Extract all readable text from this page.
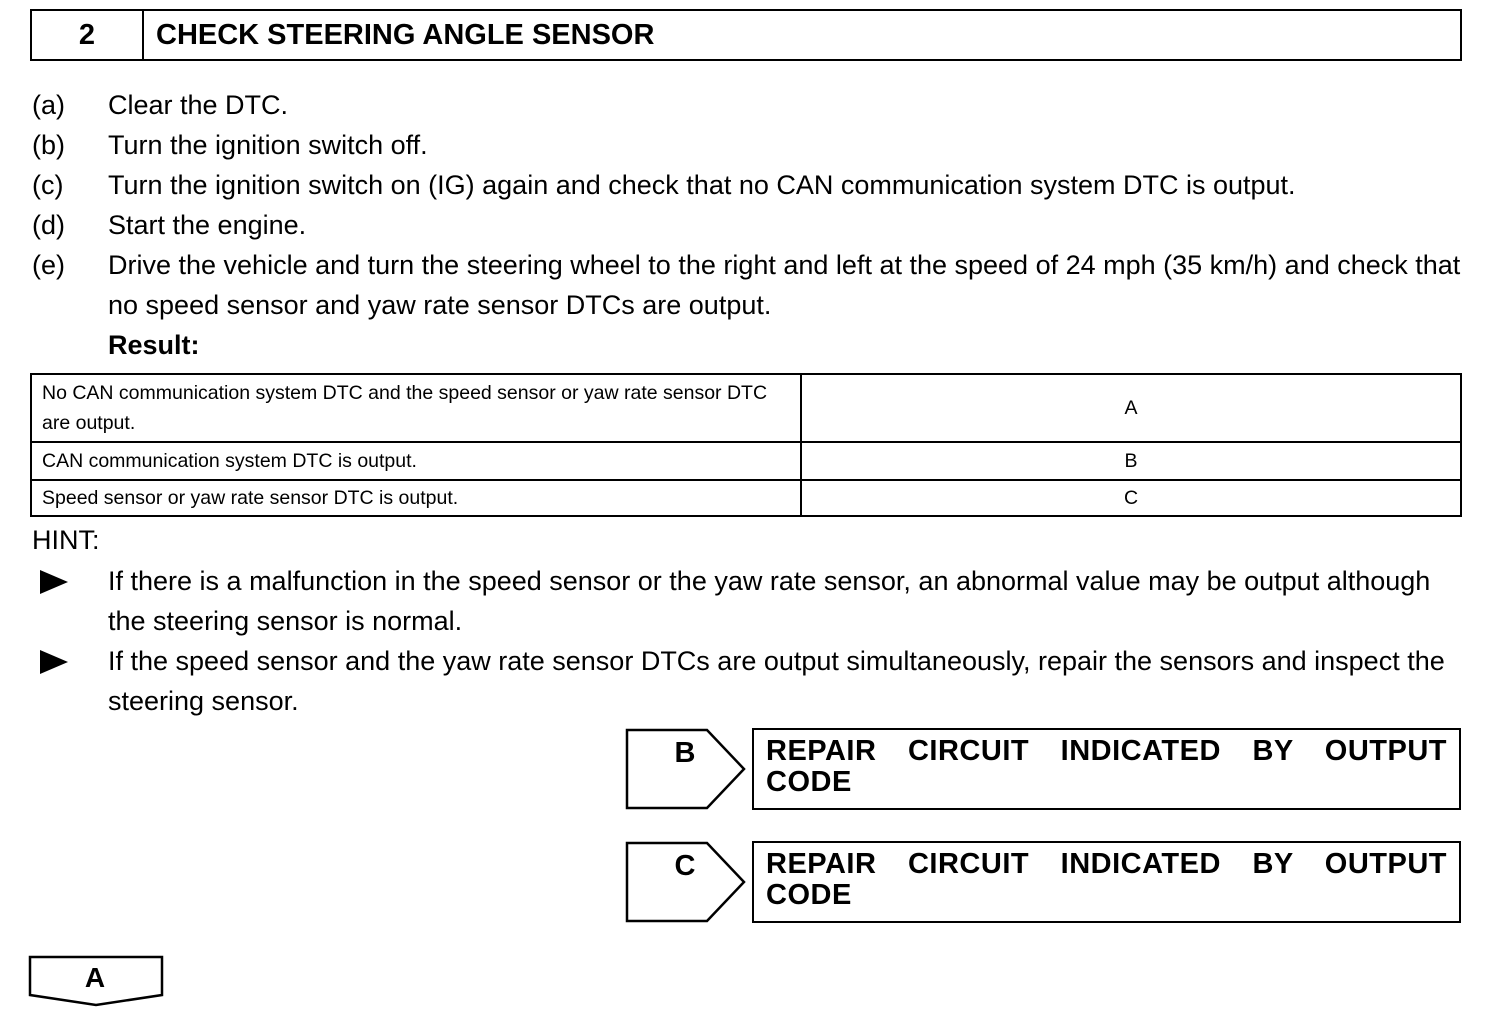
2	CHECK STEERING ANGLE SENSOR
(a) Clear the DTC.
(b) Turn the ignition switch off.
(c) Turn the ignition switch on (IG) again and check that no CAN communication system DTC is output.
(d) Start the engine.
(e) Drive the vehicle and turn the steering wheel to the right and left at the speed of 24 mph (35 km/h) and check that no speed sensor and yaw rate sensor DTCs are output.
Result:
No CAN communication system DTC and the speed sensor or yaw rate sensor DTC are output.	A
CAN communication system DTC is output.	B
Speed sensor or yaw rate sensor DTC is output.	C
HINT:
If there is a malfunction in the speed sensor or the yaw rate sensor, an abnormal value may be output although the steering sensor is normal.
If the speed sensor and the yaw rate sensor DTCs are output simultaneously, repair the sensors and inspect the steering sensor.
B	REPAIR CIRCUIT INDICATED BY OUTPUT CODE
C	REPAIR CIRCUIT INDICATED BY OUTPUT CODE
A
